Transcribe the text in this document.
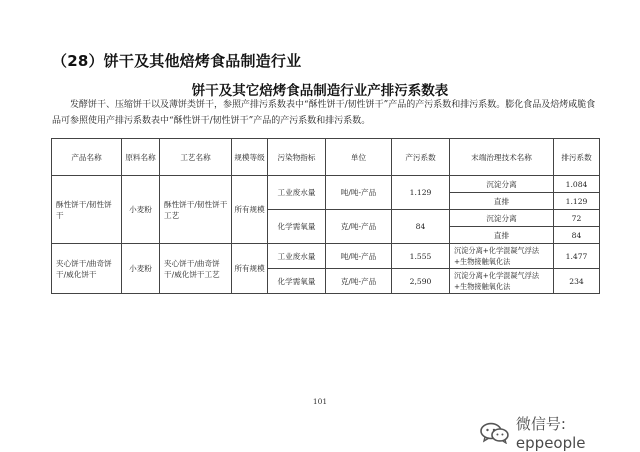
（28）饼干及其他焙烤食品制造行业
饼干及其它焙烤食品制造行业产排污系数表

发酵饼干、压缩饼干以及薄饼类饼干，参照产排污系数表中“酥性饼干/韧性饼干”产品的产污系数和排污系数。膨化食品及焙烤咸脆食品可参照使用产排污系数表中“酥性饼干/韧性饼干”产品的产污系数和排污系数。

产品名称	原料名称	工艺名称	规模等级	污染物指标	单位	产污系数	末端治理技术名称	排污系数
酥性饼干/韧性饼干	小麦粉	酥性饼干/韧性饼干工艺	所有规模	工业废水量	吨/吨-产品	1.129	沉淀分离	1.084
							直排	1.129
				化学需氧量	克/吨-产品	84	沉淀分离	72
							直排	84
夹心饼干/曲奇饼干/威化饼干	小麦粉	夹心饼干/曲奇饼干/威化饼干工艺	所有规模	工业废水量	吨/吨-产品	1.555	沉淀分离+化学混凝气浮法+生物接触氧化法	1.477
				化学需氧量	克/吨-产品	2,590	沉淀分离+化学混凝气浮法+生物接触氧化法	234
101
微信号: eppeople
